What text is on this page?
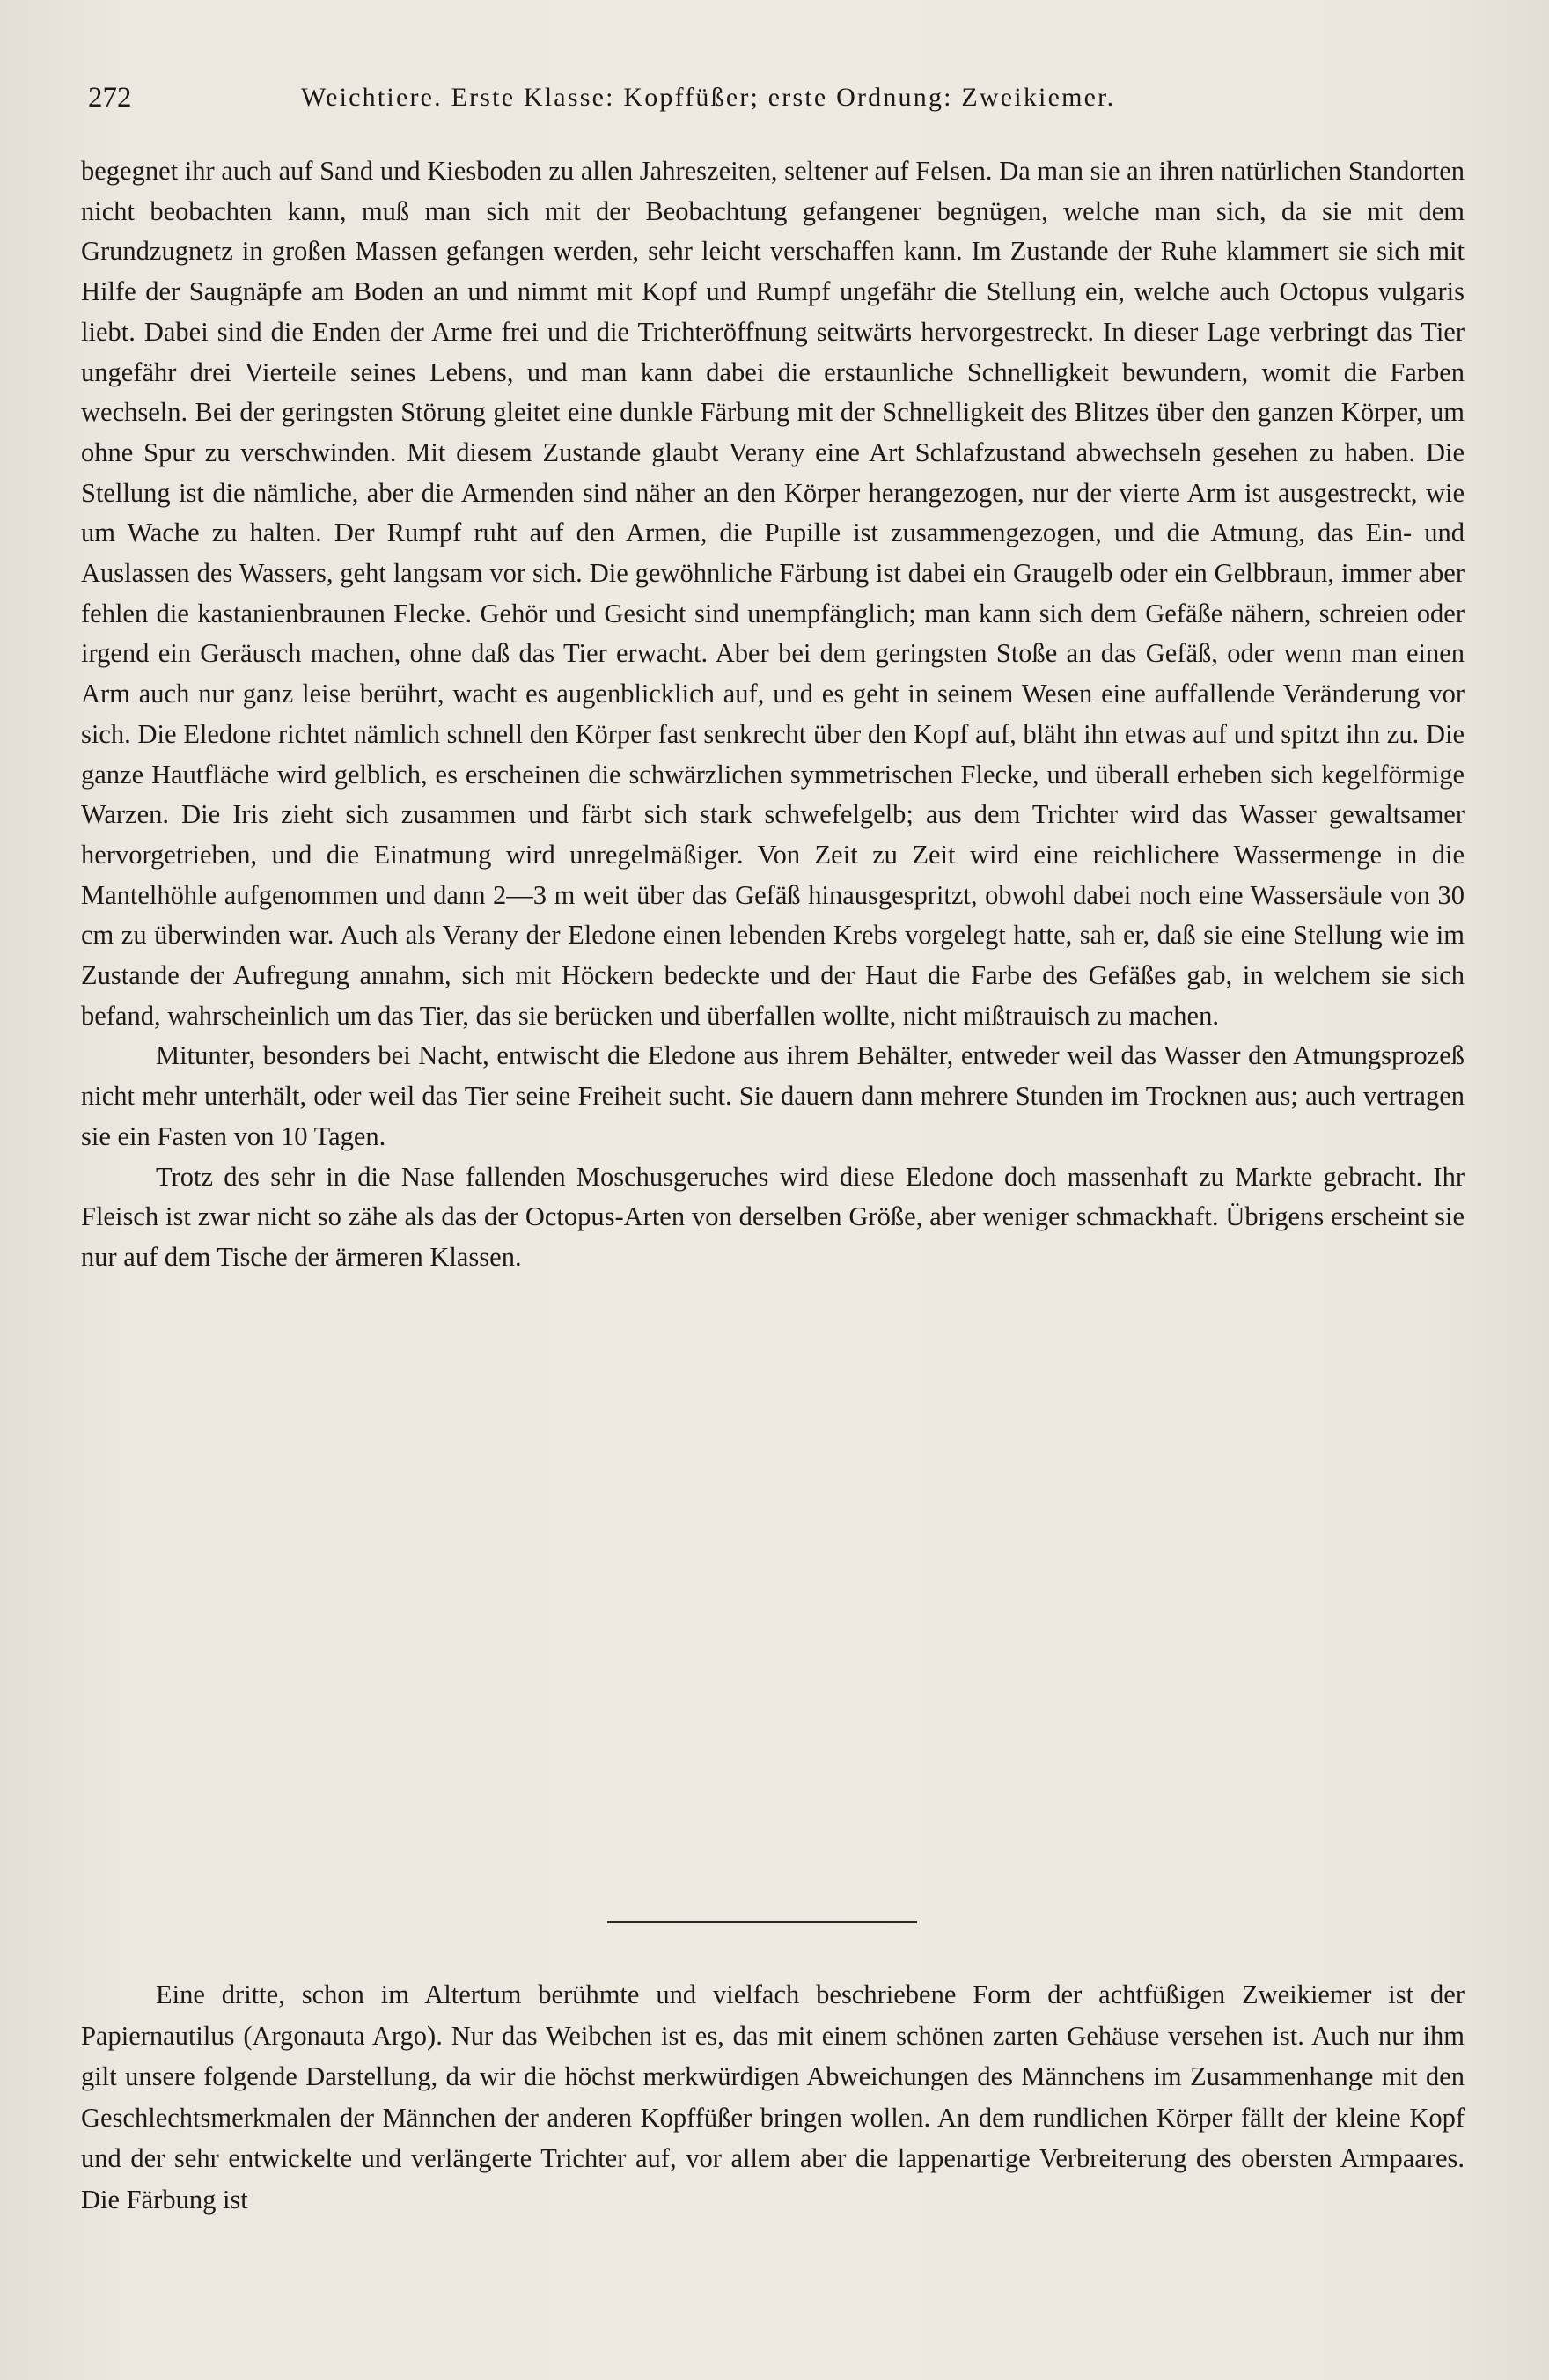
272	Weichtiere. Erste Klasse: Kopffüßer; erste Ordnung: Zweikiemer.

begegnet ihr auch auf Sand und Kiesboden zu allen Jahreszeiten, seltener auf Felsen. Da man sie an ihren natürlichen Standorten nicht beobachten kann, muß man sich mit der Beobachtung gefangener begnügen, welche man sich, da sie mit dem Grundzugnetz in großen Massen gefangen werden, sehr leicht verschaffen kann. Im Zustande der Ruhe klammert sie sich mit Hilfe der Saugnäpfe am Boden an und nimmt mit Kopf und Rumpf ungefähr die Stellung ein, welche auch Octopus vulgaris liebt. Dabei sind die Enden der Arme frei und die Trichteröffnung seitwärts hervorgestreckt. In dieser Lage verbringt das Tier ungefähr drei Vierteile seines Lebens, und man kann dabei die erstaunliche Schnelligkeit bewundern, womit die Farben wechseln. Bei der geringsten Störung gleitet eine dunkle Färbung mit der Schnelligkeit des Blitzes über den ganzen Körper, um ohne Spur zu verschwinden. Mit diesem Zustande glaubt Verany eine Art Schlafzustand abwechseln gesehen zu haben. Die Stellung ist die nämliche, aber die Armenden sind näher an den Körper herangezogen, nur der vierte Arm ist ausgestreckt, wie um Wache zu halten. Der Rumpf ruht auf den Armen, die Pupille ist zusammengezogen, und die Atmung, das Ein- und Auslassen des Wassers, geht langsam vor sich. Die gewöhnliche Färbung ist dabei ein Graugelb oder ein Gelbbraun, immer aber fehlen die kastanienbraunen Flecke. Gehör und Gesicht sind unempfänglich; man kann sich dem Gefäße nähern, schreien oder irgend ein Geräusch machen, ohne daß das Tier erwacht. Aber bei dem geringsten Stoße an das Gefäß, oder wenn man einen Arm auch nur ganz leise berührt, wacht es augenblicklich auf, und es geht in seinem Wesen eine auffallende Veränderung vor sich. Die Eledone richtet nämlich schnell den Körper fast senkrecht über den Kopf auf, bläht ihn etwas auf und spitzt ihn zu. Die ganze Hautfläche wird gelblich, es erscheinen die schwärzlichen symmetrischen Flecke, und überall erheben sich kegelförmige Warzen. Die Iris zieht sich zusammen und färbt sich stark schwefelgelb; aus dem Trichter wird das Wasser gewaltsamer hervorgetrieben, und die Einatmung wird unregelmäßiger. Von Zeit zu Zeit wird eine reichlichere Wassermenge in die Mantelhöhle aufgenommen und dann 2—3 m weit über das Gefäß hinausgespritzt, obwohl dabei noch eine Wassersäule von 30 cm zu überwinden war. Auch als Verany der Eledone einen lebenden Krebs vorgelegt hatte, sah er, daß sie eine Stellung wie im Zustande der Aufregung annahm, sich mit Höckern bedeckte und der Haut die Farbe des Gefäßes gab, in welchem sie sich befand, wahrscheinlich um das Tier, das sie berücken und überfallen wollte, nicht mißtrauisch zu machen.

Mitunter, besonders bei Nacht, entwischt die Eledone aus ihrem Behälter, entweder weil das Wasser den Atmungsprozeß nicht mehr unterhält, oder weil das Tier seine Freiheit sucht. Sie dauern dann mehrere Stunden im Trocknen aus; auch vertragen sie ein Fasten von 10 Tagen.

Trotz des sehr in die Nase fallenden Moschusgeruches wird diese Eledone doch massenhaft zu Markte gebracht. Ihr Fleisch ist zwar nicht so zähe als das der Octopus-Arten von derselben Größe, aber weniger schmackhaft. Übrigens erscheint sie nur auf dem Tische der ärmeren Klassen.

Eine dritte, schon im Altertum berühmte und vielfach beschriebene Form der achtfüßigen Zweikiemer ist der Papiernautilus (Argonauta Argo). Nur das Weibchen ist es, das mit einem schönen zarten Gehäuse versehen ist. Auch nur ihm gilt unsere folgende Darstellung, da wir die höchst merkwürdigen Abweichungen des Männchens im Zusammenhange mit den Geschlechtsmerkmalen der Männchen der anderen Kopffüßer bringen wollen. An dem rundlichen Körper fällt der kleine Kopf und der sehr entwickelte und verlängerte Trichter auf, vor allem aber die lappenartige Verbreiterung des obersten Armpaares. Die Färbung ist
